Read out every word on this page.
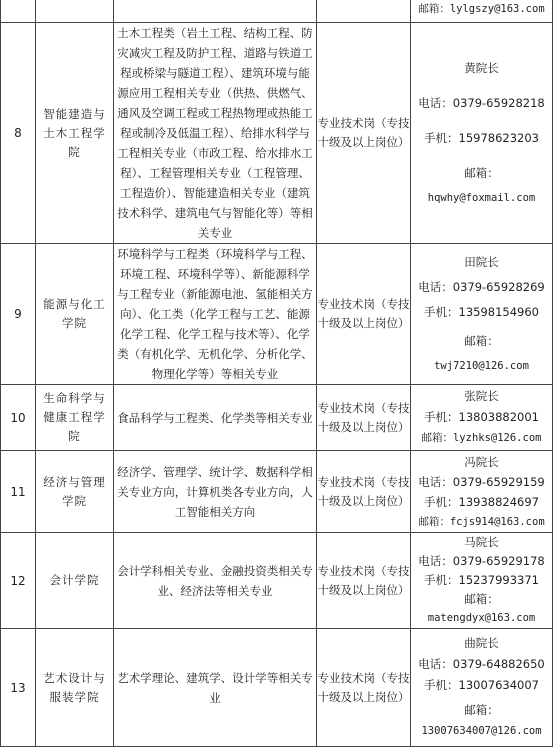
				邮箱：lylgszy@163.com

8	智能建造与土木工程学院	土木工程类（岩土工程、结构工程、防灾减灾工程及防护工程、道路与铁道工程或桥梁与隧道工程）、建筑环境与能源应用工程相关专业（供热、供燃气、通风及空调工程或工程热物理或热能工程或制冷及低温工程）、给排水科学与工程相关专业（市政工程、给水排水工程）、工程管理相关专业（工程管理、工程造价）、智能建造相关专业（建筑技术科学、建筑电气与智能化等）等相关专业	专业技术岗（专技十级及以上岗位）	黄院长
电话：0379-65928218
手机：15978623203
邮箱：
hqwhy@foxmail.com

9	能源与化工学院	环境科学与工程类（环境科学与工程、环境工程、环境科学等）、新能源科学与工程专业（新能源电池、氢能相关方向）、化工类（化学工程与工艺、能源化学工程、化学工程与技术等）、化学类（有机化学、无机化学、分析化学、物理化学等）等相关专业	专业技术岗（专技十级及以上岗位）	田院长
电话：0379-65928269
手机：13598154960
邮箱：
twj7210@126.com

10	生命科学与健康工程学院	食品科学与工程类、化学类等相关专业	专业技术岗（专技十级及以上岗位）	张院长
手机：13803882001
邮箱：lyzhks@126.com

11	经济与管理学院	经济学、管理学、统计学、数据科学相关专业方向，计算机类各专业方向，人工智能相关方向	专业技术岗（专技十级及以上岗位）	冯院长
电话：0379-65929159
手机：13938824697
邮箱：fcjs914@163.com

12	会计学院	会计学科相关专业、金融投资类相关专业、经济法等相关专业	专业技术岗（专技十级及以上岗位）	马院长
电话：0379-65929178
手机：15237993371
邮箱：
matengdyx@163.com

13	艺术设计与服装学院	艺术学理论、建筑学、设计学等相关专业	专业技术岗（专技十级及以上岗位）	曲院长
电话：0379-64882650
手机：13007634007
邮箱：
13007634007@126.com
